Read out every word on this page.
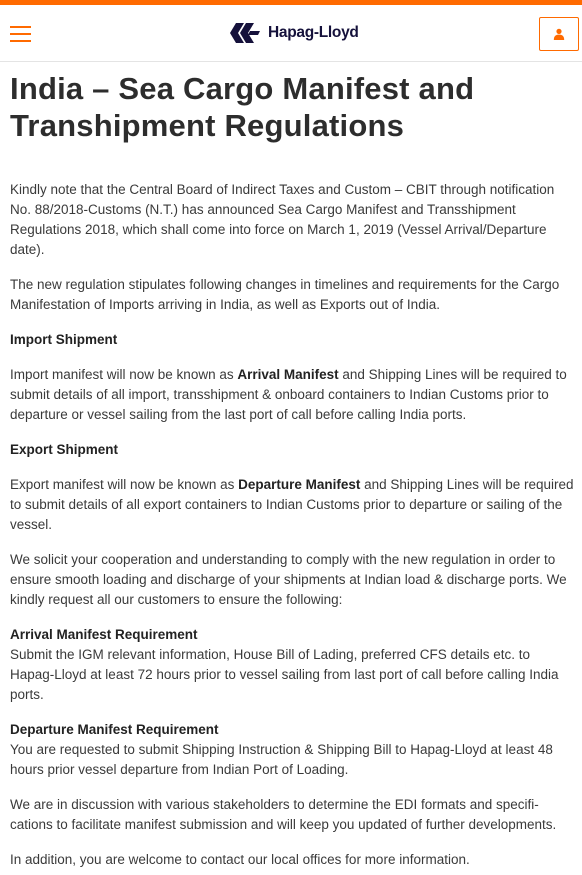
Hapag-Lloyd
India – Sea Cargo Manifest and Transhipment Regulations

Kindly note that the Central Board of Indirect Taxes and Custom – CBIT through notification No. 88/2018-Customs (N.T.) has announced Sea Cargo Manifest and Transshipment Regulations 2018, which shall come into force on March 1, 2019 (Vessel Arrival/Departure date).

The new regulation stipulates following changes in timelines and requirements for the Cargo Manifestation of Imports arriving in India, as well as Exports out of India.

Import Shipment

Import manifest will now be known as Arrival Manifest and Shipping Lines will be required to submit details of all import, transshipment & onboard containers to Indian Customs prior to departure or vessel sailing from the last port of call before calling India ports.

Export Shipment

Export manifest will now be known as Departure Manifest and Shipping Lines will be required to submit details of all export containers to Indian Customs prior to departure or sailing of the vessel.

We solicit your cooperation and understanding to comply with the new regulation in order to ensure smooth loading and discharge of your shipments at Indian load & discharge ports. We kindly request all our customers to ensure the following:

Arrival Manifest Requirement

Submit the IGM relevant information, House Bill of Lading, preferred CFS details etc. to Hapag-Lloyd at least 72 hours prior to vessel sailing from last port of call before calling India ports.

Departure Manifest Requirement

You are requested to submit Shipping Instruction & Shipping Bill to Hapag-Lloyd at least 48 hours prior vessel departure from Indian Port of Loading.

We are in discussion with various stakeholders to determine the EDI formats and specifi- cations to facilitate manifest submission and will keep you updated of further developments.

In addition, you are welcome to contact our local offices for more information.
